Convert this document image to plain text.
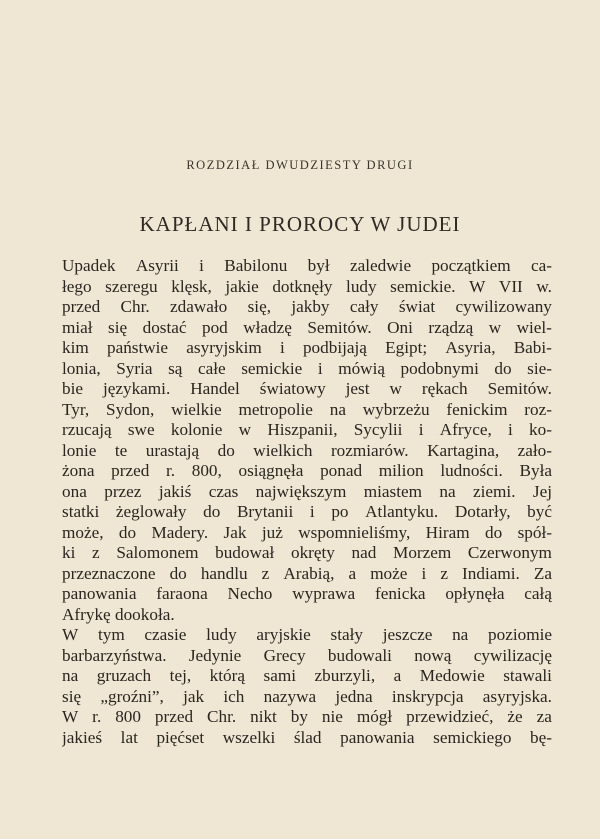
ROZDZIAŁ DWUDZIESTY DRUGI
KAPŁANI I PROROCY W JUDEI
Upadek Asyrii i Babilonu był zaledwie początkiem ca-
łego szeregu klęsk, jakie dotknęły ludy semickie. W VII w.
przed Chr. zdawało się, jakby cały świat cywilizowany
miał się dostać pod władzę Semitów. Oni rządzą w wiel-
kim państwie asyryjskim i podbijają Egipt; Asyria, Babi-
lonia, Syria są całe semickie i mówią podobnymi do sie-
bie językami. Handel światowy jest w rękach Semitów.
Tyr, Sydon, wielkie metropolie na wybrzeżu fenickim roz-
rzucają swe kolonie w Hiszpanii, Sycylii i Afryce, i ko-
lonie te urastają do wielkich rozmiarów. Kartagina, zało-
żona przed r. 800, osiągnęła ponad milion ludności. Była
ona przez jakiś czas największym miastem na ziemi. Jej
statki żeglowały do Brytanii i po Atlantyku. Dotarły, być
może, do Madery. Jak już wspomnieliśmy, Hiram do spół-
ki z Salomonem budował okręty nad Morzem Czerwonym
przeznaczone do handlu z Arabią, a może i z Indiami. Za
panowania faraona Necho wyprawa fenicka opłynęła całą
Afrykę dookoła.
W tym czasie ludy aryjskie stały jeszcze na poziomie
barbarzyństwa. Jedynie Grecy budowali nową cywilizację
na gruzach tej, którą sami zburzyli, a Medowie stawali
się „groźni”, jak ich nazywa jedna inskrypcja asyryjska.
W r. 800 przed Chr. nikt by nie mógł przewidzieć, że za
jakieś lat pięćset wszelki ślad panowania semickiego bę-
